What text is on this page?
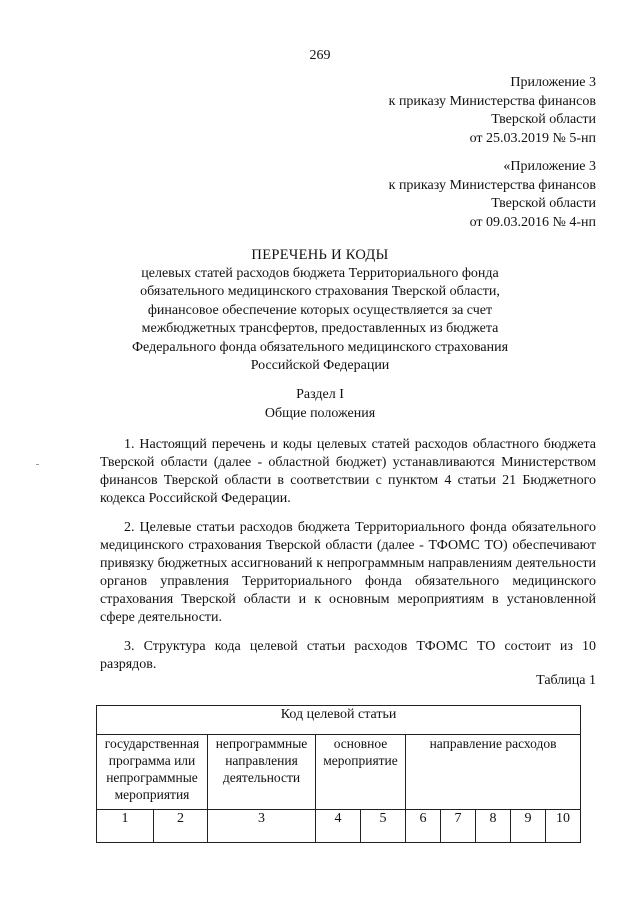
269
Приложение 3
к приказу Министерства финансов
Тверской области
от 25.03.2019 № 5-нп
«Приложение 3
к приказу Министерства финансов
Тверской области
от 09.03.2016 № 4-нп
ПЕРЕЧЕНЬ И КОДЫ
целевых статей расходов бюджета Территориального фонда
обязательного медицинского страхования Тверской области,
финансовое обеспечение которых осуществляется за счет
межбюджетных трансфертов, предоставленных из бюджета
Федерального фонда обязательного медицинского страхования
Российской Федерации
Раздел I
Общие положения
1. Настоящий перечень и коды целевых статей расходов областного бюджета Тверской области (далее - областной бюджет) устанавливаются Министерством финансов Тверской области в соответствии с пунктом 4 статьи 21 Бюджетного кодекса Российской Федерации.
2. Целевые статьи расходов бюджета Территориального фонда обязательного медицинского страхования Тверской области (далее - ТФОМС ТО) обеспечивают привязку бюджетных ассигнований к непрограммным направлениям деятельности органов управления Территориального фонда обязательного медицинского страхования Тверской области и к основным мероприятиям в установленной сфере деятельности.
3. Структура кода целевой статьи расходов ТФОМС ТО состоит из 10 разрядов.
Таблица 1
Код целевой статьи									
государственная программа или непрограммные мероприятия		непрограммные направления деятельности	основное мероприятие		направление расходов				
1	2	3	4	5	6	7	8	9	10
